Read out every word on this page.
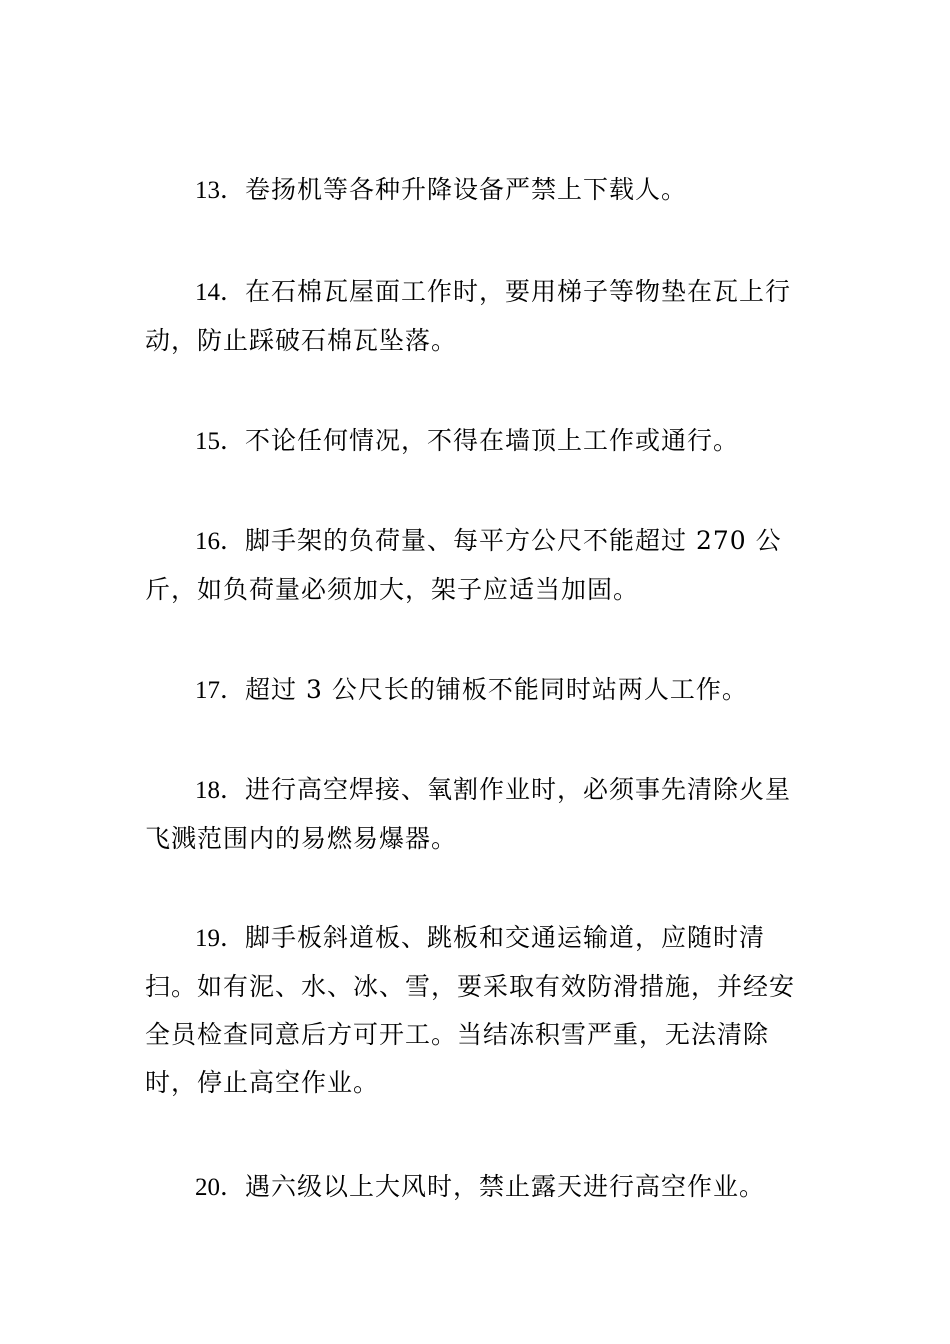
13．卷扬机等各种升降设备严禁上下载人。

14．在石棉瓦屋面工作时，要用梯子等物垫在瓦上行动，防止踩破石棉瓦坠落。

15．不论任何情况，不得在墙顶上工作或通行。

16．脚手架的负荷量、每平方公尺不能超过 270 公斤，如负荷量必须加大，架子应适当加固。

17．超过 3 公尺长的铺板不能同时站两人工作。

18．进行高空焊接、氧割作业时，必须事先清除火星飞溅范围内的易燃易爆器。

19．脚手板斜道板、跳板和交通运输道，应随时清扫。如有泥、水、冰、雪，要采取有效防滑措施，并经安全员检查同意后方可开工。当结冻积雪严重，无法清除时，停止高空作业。

20．遇六级以上大风时，禁止露天进行高空作业。
